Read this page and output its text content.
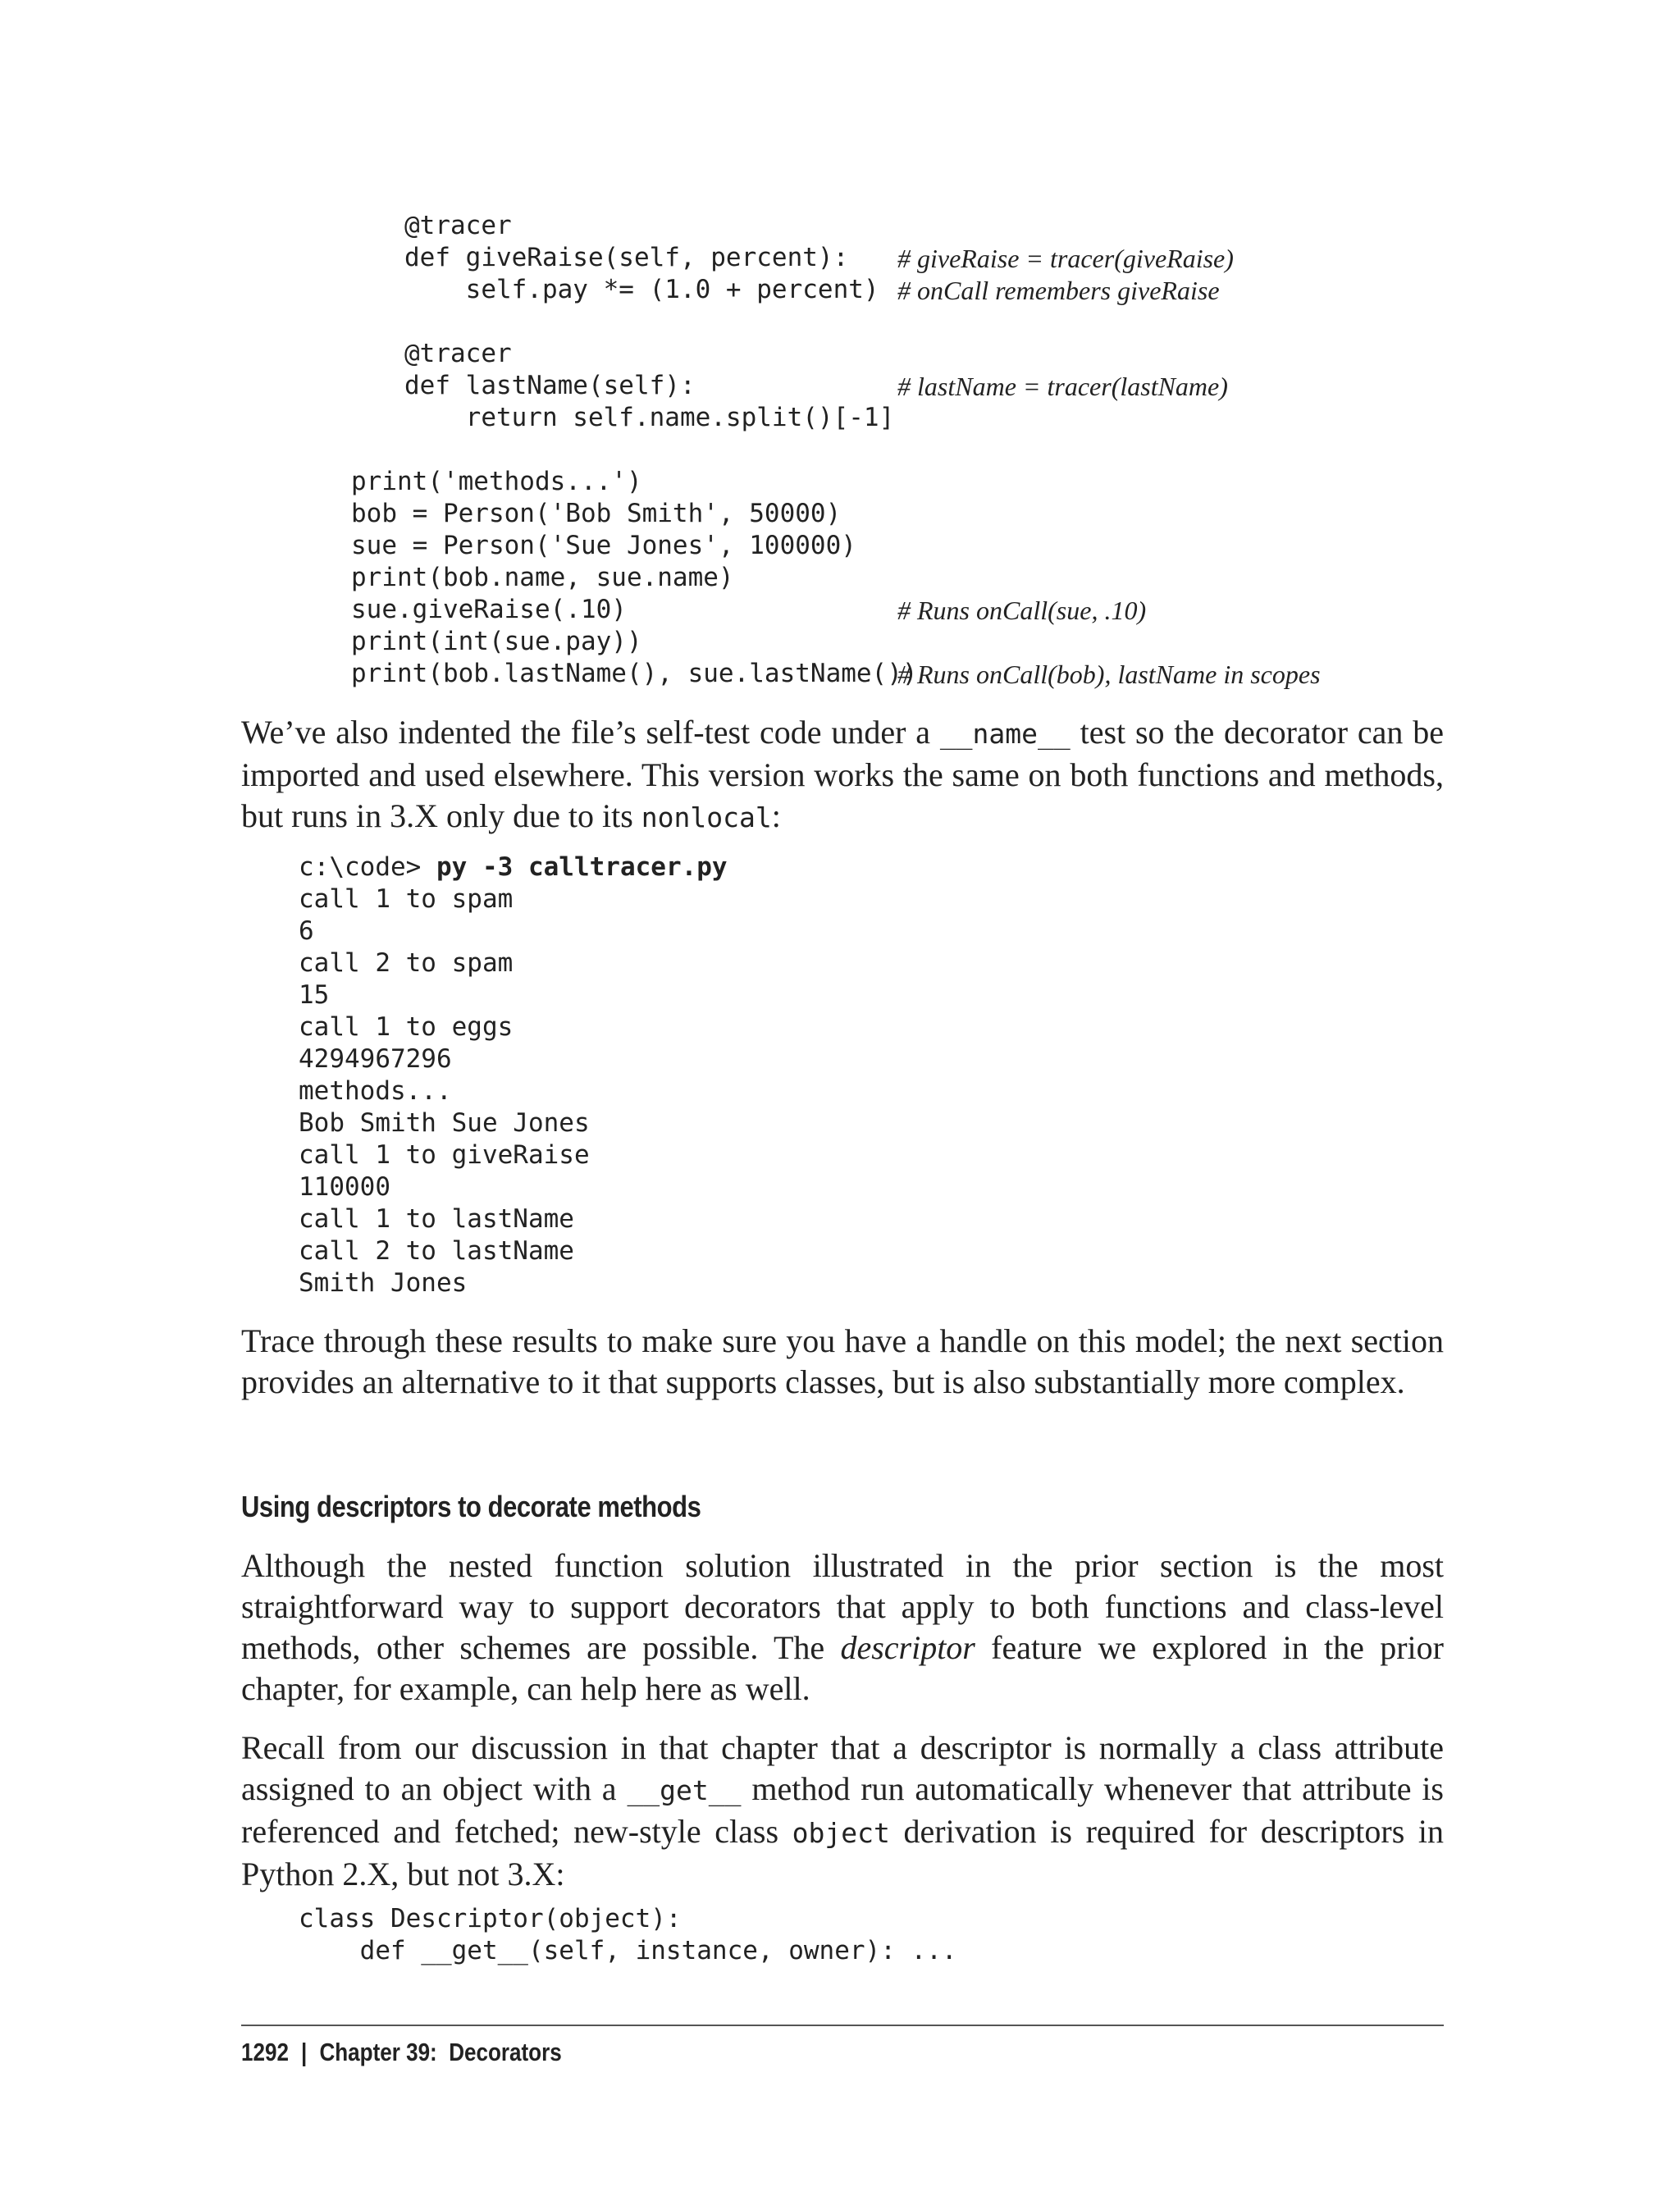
@tracer
def giveRaise(self, percent):
self.pay *= (1.0 + percent)
@tracer
def lastName(self):
return self.name.split()[-1]
# giveRaise = tracer(giveRaise)
# onCall remembers giveRaise
# lastName = tracer(lastName)
print('methods...')
bob = Person('Bob Smith', 50000)
sue = Person('Sue Jones', 100000)
print(bob.name, sue.name)
sue.giveRaise(.10)
print(int(sue.pay))
print(bob.lastName(), sue.lastName())
# Runs onCall(sue, .10)
# Runs onCall(bob), lastName in scopes
We’ve also indented the file’s self-test code under a __name__ test so the decorator can be imported and used elsewhere. This version works the same on both functions and methods, but runs in 3.X only due to its nonlocal:
c:\code> py -3 calltracer.py
call 1 to spam
6
call 2 to spam
15
call 1 to eggs
4294967296
methods...
Bob Smith Sue Jones
call 1 to giveRaise
110000
call 1 to lastName
call 2 to lastName
Smith Jones
Trace through these results to make sure you have a handle on this model; the next section provides an alternative to it that supports classes, but is also substantially more complex.
Using descriptors to decorate methods
Although the nested function solution illustrated in the prior section is the most straightforward way to support decorators that apply to both functions and class-level methods, other schemes are possible. The descriptor feature we explored in the prior chapter, for example, can help here as well.
Recall from our discussion in that chapter that a descriptor is normally a class attribute assigned to an object with a __get__ method run automatically whenever that attribute is referenced and fetched; new-style class object derivation is required for descriptors in Python 2.X, but not 3.X:
class Descriptor(object):
def __get__(self, instance, owner): ...
1292 | Chapter 39:  Decorators
